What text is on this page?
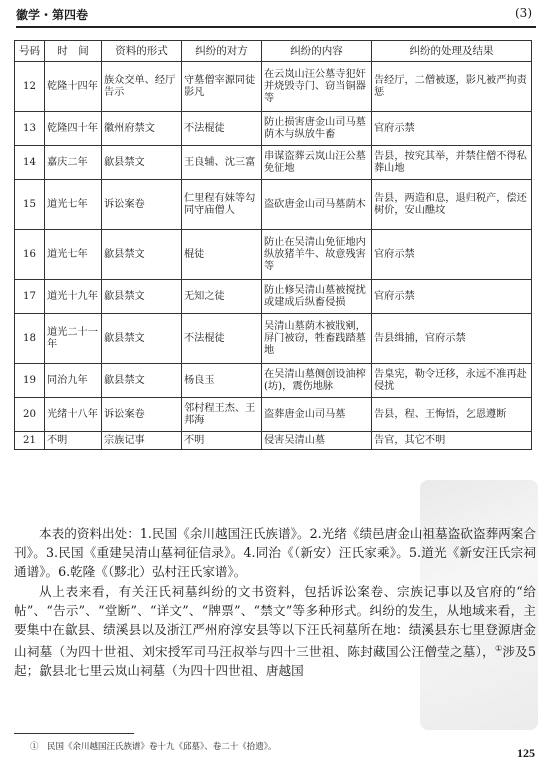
徽学・第四卷	(3)
号码	时　间	资料的形式	纠纷的对方	纠纷的内容	纠纷的处理及结果
12	乾隆十四年	族众交单、经厅告示	守墓僧宰源同徒影凡	在云岚山汪公墓寺犯奸并烧毁寺门、窃当铜器等	告经厅，二僧被逐，影凡被严拘责惩
13	乾隆四十年	徽州府禁文	不法棍徒	防止损害唐金山司马墓荫木与纵放牛畜	官府示禁
14	嘉庆二年	歙县禁文	王良辅、沈三富	串谋盗葬云岚山汪公墓免征地	告县，按究其举，并禁住僧不得私葬山地
15	道光七年	诉讼案卷	仁里程有妹等勾同守庙僧人	盗砍唐金山司马墓荫木	告县，两造和息，退归税产，偿还树价，安山醮坟
16	道光七年	歙县禁文	棍徒	防止在吴清山免征地内纵放猪羊牛、故意残害等	官府示禁
17	道光十九年	歙县禁文	无知之徒	防止修吴清山墓被搅扰或建成后纵畜侵损	官府示禁
18	道光二十一年	歙县禁文	不法棍徒	吴清山墓荫木被戕剜，屏门被窃，牲畜践踏墓地	告县缉捕，官府示禁
19	同治九年	歙县禁文	杨良玉	在吴清山墓侧创设油榨(坊)，震伤地脉	告臬宪，勒令迁移，永远不准再赴侵扰
20	光绪十八年	诉讼案卷	邻村程王杰、王邦海	盗葬唐金山司马墓	告县，程、王悔悟，乞恩遵断
21	不明	宗族记事	不明	侵害吴清山墓	告官，其它不明
本表的资料出处：1.民国《余川越国汪氏族谱》。2.光绪《绩邑唐金山祖墓盗砍盗葬两案合刊》。3.民国《重建吴清山墓祠征信录》。4.同治《（新安）汪氏家乘》。5.道光《新安汪氏宗祠通谱》。6.乾隆《（黟北）弘村汪氏家谱》。
从上表来看，有关汪氏祠墓纠纷的文书资料，包括诉讼案卷、宗族记事以及官府的“给帖”、“告示”、“堂断”、“详文”、“牌票”、“禁文”等多种形式。纠纷的发生，从地域来看，主要集中在歙县、绩溪县以及浙江严州府淳安县等以下汪氏祠墓所在地：绩溪县东七里登源唐金山祠墓（为四十世祖、刘宋授军司马汪叔举与四十三世祖、陈封藏国公汪僧莹之墓），①涉及5起；歙县北七里云岚山祠墓（为四十四世祖、唐越国
①　民国《余川越国汪氏族谱》卷十九《邱墓》、卷二十《拾遗》。	125
